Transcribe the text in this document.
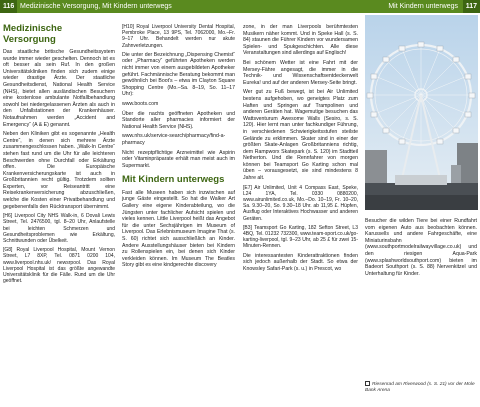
116 Medizinische Versorgung, Mit Kindern unterwegs	Mit Kindern unterwegs	117
Medizinische Versorgung

Das staatliche britische Gesundheitssystem wurde immer wieder geschelten. Dennoch ist es oft besser als sein Ruf. In den großen Universitätskliniken finden sich zudem einige wieder drastige Ärzte. Der staatliche Gesundheitsdienst, National Health Service (NHS), bietet allen ausländischen Besuchern eine kostenlose ambulante Notfallbehandlung sowohl bei niedergelassenen Ärzten als auch in den Unfallstationen der Krankenhäuser. Notaufnahmen werden „Accident and Emergency“ (A & E) genannt.

Neben den Kliniken gibt es sogenannte „Health Centre“, in denen sich mehrere Ärzte zusammengeschlossen haben. „Walk-In Centre“ stehen fast rund um die Uhr für alle leichteren Beschwerden ohne Durchfall oder Erkältung offen. Die Europäische Krankenversicherungskarte ist auch in Großbritannien recht gültig. Trotzdem sollten Experten, vor Reiseantritt eine Reisekrankenversicherung abzuschließen, welche die Kosten einer Privatbehandlung und gegebenenfalls den Rücktransport übernimmt.

[H6] Liverpool City NHS Walk-in, 6 Dovali Lewis Street, Tel. 2476500, tgl. 8–20 Uhr, Anlaufstelle bei leichten Schmerzen und Gesundheitsproblemen wie Erkältung, Schnittwunden oder Übelkeit.
[G8] Royal Liverpool Hospital, Mount Vernon Street, L7 8XP, Tel. 0871 0200 104, www.liverpool.nhs.uk/ newsrpool. Das Royal Liverpool Hospital ist das größte angewandte Universitätsklinik für die Fälle. Rund um die Uhr geöffnet.
[H10] Royal Liverpool University Dental Hospital, Pembroke Place, 13 9PS, Tel. 7062000, Mo.–Fr. 9–17 Uhr. Behandelt werden nur akute Zahnverletzungen.

Die unter der Bezeichnung „Dispensing Chemist“ oder „Pharmacy“ geführten Apotheken werden nicht immer von einem ausgebildeten Apotheker geführt. Fachmännische Beratung bekommt man gewöhnlich bei Boot's – etwa im Clayton Square Shopping Centre (Mo.–Sa. 8–19, So. 11–17 Uhr):

www.boots.com

Über die nachts geöffneten Apotheken und Standorte aller pharmacies informiert der National Health Service (NHS).

www.nhs.uk/service-search/pharmacy/find-a-pharmacy

Nicht rezeptpflichtige Arzneimittel wie Aspirin oder Vitaminpräparate erhält man meist auch im Supermarkt.

Mit Kindern unterwegs

Fast alle Museen haben sich inzwischen auf junge Gäste eingestellt. So hat die Walker Art Gallery eine eigene Kinderabteilung, wo die Jüngsten unter fachlicher Aufsicht spielen und vieles kennen. Little Liverpool heißt das Angebot für die unter Sechsjährigen im Museum of Liverpool. Das Erlebnismuseum Imagine That (s. S. 60) richtet sich ausschließlich an Kinder. Andere Ausstellungshäuser bieten bei Kindern zu Rollenspielen ein, bei denen sich Kinder verkleiden können. Im Museum The Beatles Story gibt es eine kindgerechte discovery

zone, in der man Liverpools berühmtesten Musikern näher kommt. Und in Speke Hall (s. S. 84) staunen die Führer Kindern vor wundersamen Spielen- und Spukgeschichten. Alle diese Veranstaltungen sind allerdings auf Englisch!

Bei schönem Wetter ist eine Fahrt mit der Mersey-Fähre angesagt, die immer in die Technik- und Wissenschaftsentdeckerwelt Eureka! und auf der anderen Mersey-Seite bringt.

Wer gut zu Fuß bewegt, ist bei Air Unlimited bestens aufgehoben, wo geneigtes Platz zum Haften und Springen auf Trampolinen und anderen Geräten hat. Wagemutige besuchen das Wattsventurum Awesome Walls (Sesiro, s. S. 120). Hier lernt man unter fachkundiger Führung, in verschiedenen Schwierigkeitsstufen steilste Gelände zu erklimmen. Skater sind in einer der größten Skate-Anlagen Großbritanniens richtig, dem Rampworx Skatepark (s. S. 120) im Stadtteil Netherton. Und die Rennfahrer von morgen können bei Teamsport Go Karting schon mal üben – vorausgesetzt, sie sind mindestens 8 Jahre alt.

[E7] Air Unlimited, Unit 4 Compass East, Speke, L24 1YA, Tel. 0330 0880200, www.airunlimited.co.uk, Mo.–Do. 10–19, Fr. 10–20, Sa. 9.30–20, So. 9.30–18 Uhr. ab 11,95 £. Hüpfen, Ausflug oder Interaktives Hochwasser und anderen Geräten.
[B3] Teamsport Go Karting, 182 Sefton Street, L3 4BQ, Tel. 01232 732300, www.team-sport.co.uk/go-karting-liverpool, tgl. 9–23 Uhr, ab 25 £ für zwei 15-Minuten-Rennen.

Die interessantesten Kinderattraktionen finden sich jedoch außerhalb der Stadt. So etwa der Knowsley Safari-Park (s. u.) in Prescot, wo

Besucher die wilden Tiere bei einer Rundfahrt vom eigenen Auto aus beobachten können. Karussells und andere Fahrgeschäfte, eine Miniaturinsbahn (www.southportmodelrailwayvillage.co.uk) und den riesigen Aqua-Park (www.splashworldsouthport.com) bieten im Badeort Southport (s. S. 88) Nervenkitzel und Unterhaltung für Kinder.

Riesenrad am Riverwood (s. S. 21) vor der Mole Bank Arena
